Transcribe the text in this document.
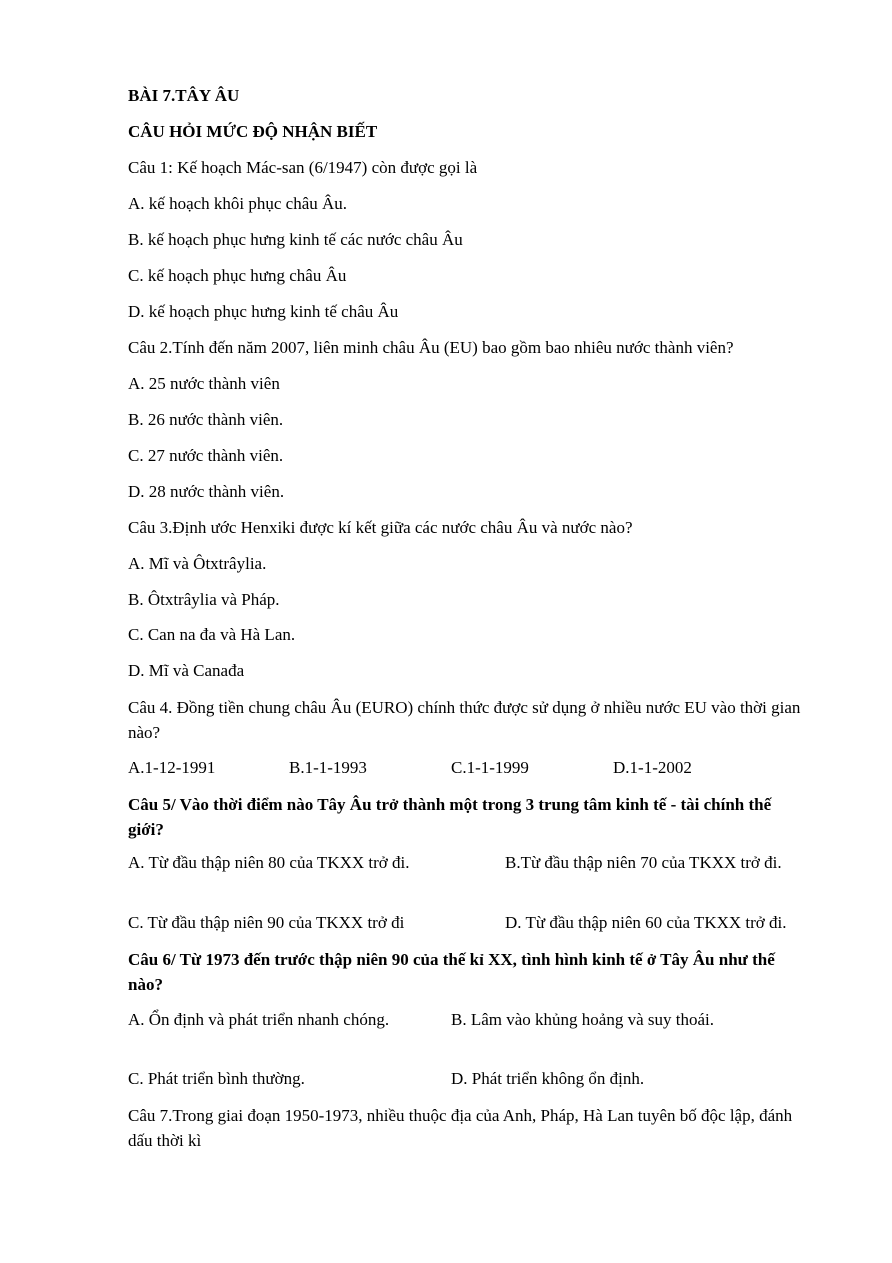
BÀI 7.TÂY ÂU
CÂU HỎI MỨC ĐỘ NHẬN BIẾT
Câu 1: Kế hoạch Mác-san (6/1947) còn được gọi là
A. kế hoạch khôi phục châu Âu.
B. kế hoạch phục hưng kinh tế các nước châu Âu
C. kế hoạch phục hưng châu Âu
D. kế hoạch phục hưng kinh tế châu Âu
Câu 2.Tính đến năm 2007, liên minh châu Âu (EU) bao gồm bao nhiêu nước thành viên?
A. 25 nước thành viên
B. 26 nước thành viên.
C. 27 nước thành viên.
D. 28 nước thành viên.
Câu 3.Định ước Henxiki được kí kết giữa các nước châu Âu và nước nào?
A. Mĩ và Ôtxtrâylia.
B. Ôtxtrâylia và Pháp.
C. Can na đa và Hà Lan.
D. Mĩ và Canađa
Câu 4. Đồng tiền chung châu Âu (EURO) chính thức được sử dụng ở nhiều nước EU vào thời gian nào?
A.1-12-1991	B.1-1-1993	C.1-1-1999	D.1-1-2002
Câu 5/ Vào thời điểm nào Tây Âu trở thành một trong 3 trung tâm kinh tế - tài chính thế giới?
A. Từ đầu thập niên 80 của TKXX trở đi.	B.Từ đầu thập niên 70 của TKXX trở đi.
C. Từ đầu thập niên 90 của TKXX trở đi	D. Từ đầu thập niên 60 của TKXX trở đi.
Câu 6/ Từ 1973 đến trước thập niên 90 của thế kỉ XX, tình hình kinh tế ở Tây Âu như thế nào?
A. Ổn định và phát triển nhanh chóng.	B. Lâm vào khủng hoảng và suy thoái.
C. Phát triển bình thường.	D. Phát triển không ổn định.
Câu 7.Trong giai đoạn 1950-1973, nhiều thuộc địa của Anh, Pháp, Hà Lan tuyên bố độc lập, đánh dấu thời kì
